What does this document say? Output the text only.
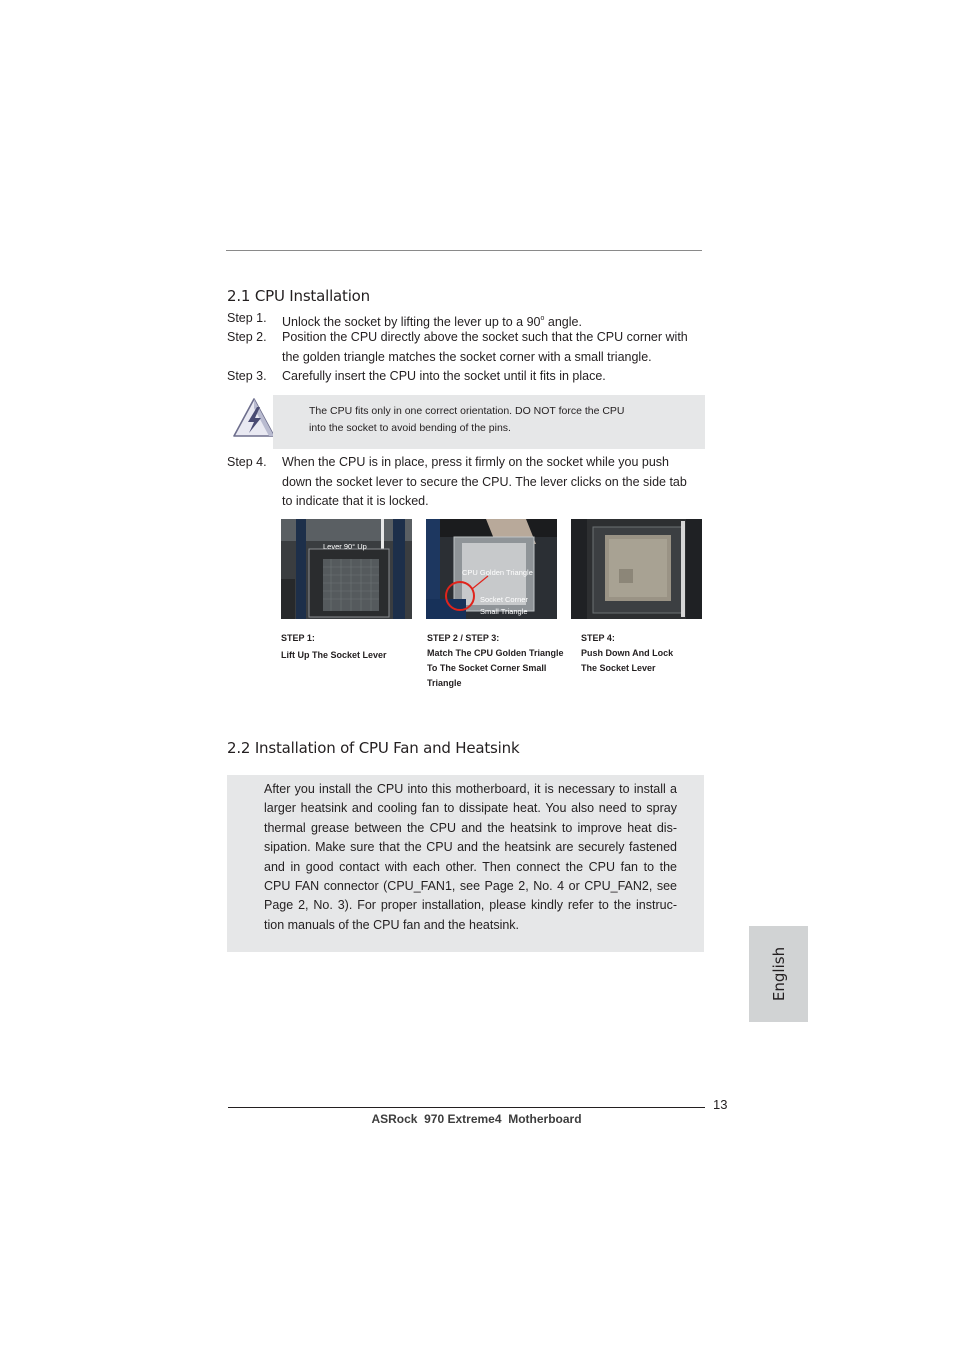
2.1 CPU Installation
Step 1. Unlock the socket by lifting the lever up to a 90$^o$ angle.
Step 2. Position the CPU directly above the socket such that the CPU corner with
the golden triangle matches the socket corner with a small triangle.
Step 3. Carefully insert the CPU into the socket until it fits in place.
The CPU fits only in one correct orientation. DO NOT force the CPU
into the socket to avoid bending of the pins.
Step 4. When the CPU is in place, press it firmly on the socket while you push
down the socket lever to secure the CPU. The lever clicks on the side tab
to indicate that it is locked.
Lever 90° Up
CPU Golden Triangle
Socket Corner
Small Triangle
STEP 1:
Lift Up The Socket Lever
STEP 2 / STEP 3:
Match The CPU Golden Triangle
To The Socket Corner Small
Triangle
STEP 4:
Push Down And Lock
The Socket Lever
2.2 Installation of CPU Fan and Heatsink
After you install the CPU into this motherboard, it is necessary to install a
larger heatsink and cooling fan to dissipate heat. You also need to spray
thermal grease between the CPU and the heatsink to improve heat dis-
sipation. Make sure that the CPU and the heatsink are securely fastened
and in good contact with each other. Then connect the CPU fan to the
CPU FAN connector (CPU_FAN1, see Page 2, No. 4 or CPU_FAN2, see
Page 2, No. 3). For proper installation, please kindly refer to the instruc-
tion manuals of the CPU fan and the heatsink.
English
13
ASRock  970 Extreme4  Motherboard
